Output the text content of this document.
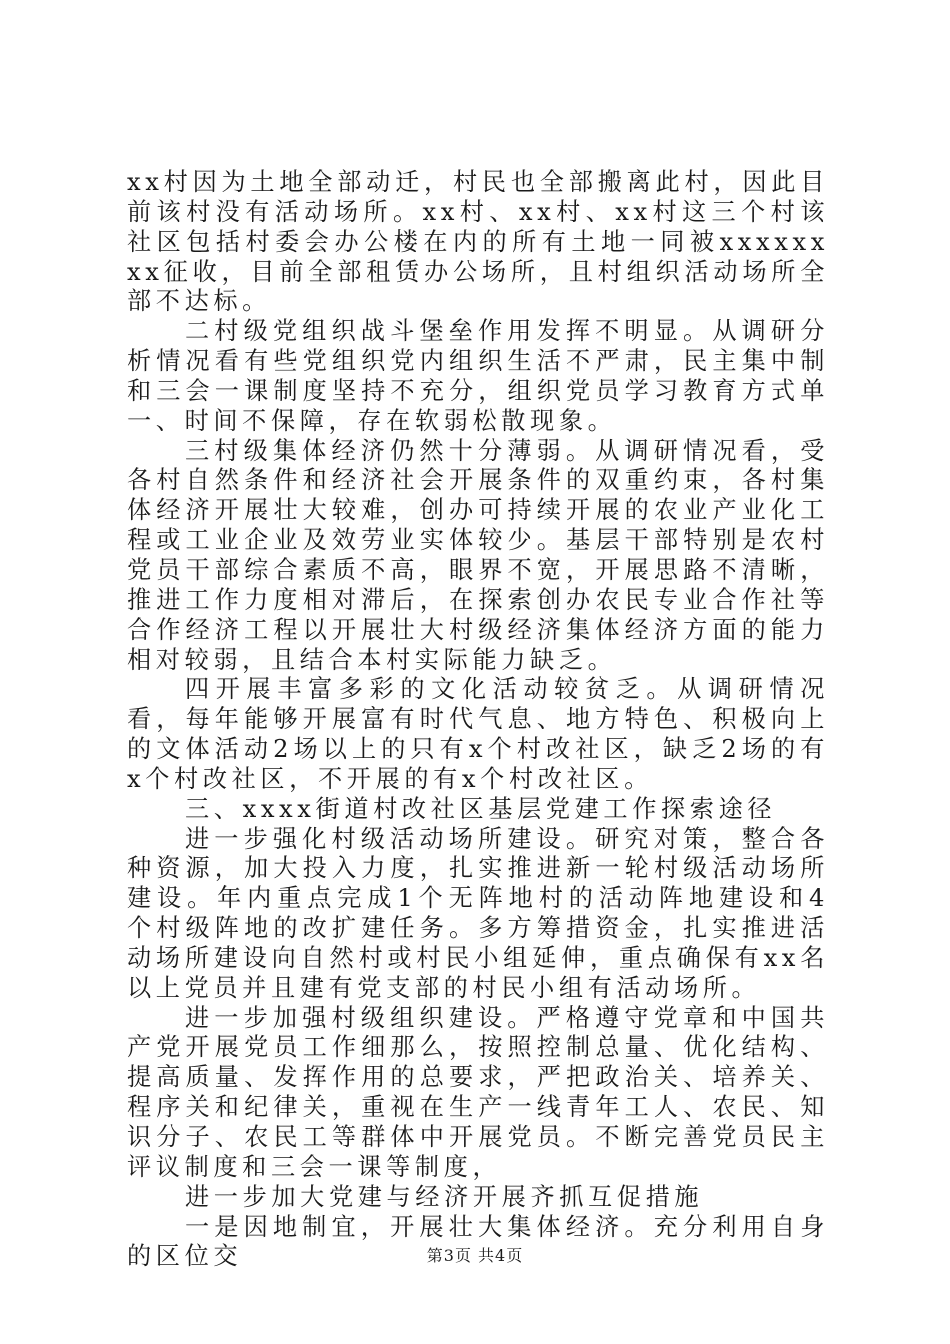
xx村因为土地全部动迁，村民也全部搬离此村，因此目前该村没有活动场所。xx村、xx村、xx村这三个村该社区包括村委会办公楼在内的所有土地一同被xxxxxxxx征收，目前全部租赁办公场所，且村组织活动场所全部不达标。

二村级党组织战斗堡垒作用发挥不明显。从调研分析情况看有些党组织党内组织生活不严肃，民主集中制和三会一课制度坚持不充分，组织党员学习教育方式单一、时间不保障，存在软弱松散现象。

三村级集体经济仍然十分薄弱。从调研情况看，受各村自然条件和经济社会开展条件的双重约束，各村集体经济开展壮大较难，创办可持续开展的农业产业化工程或工业企业及效劳业实体较少。基层干部特别是农村党员干部综合素质不高，眼界不宽，开展思路不清晰，推进工作力度相对滞后，在探索创办农民专业合作社等合作经济工程以开展壮大村级经济集体经济方面的能力相对较弱，且结合本村实际能力缺乏。

四开展丰富多彩的文化活动较贫乏。从调研情况看，每年能够开展富有时代气息、地方特色、积极向上的文体活动2场以上的只有x个村改社区，缺乏2场的有x个村改社区，不开展的有x个村改社区。

三、xxxx街道村改社区基层党建工作探索途径

进一步强化村级活动场所建设。研究对策，整合各种资源，加大投入力度，扎实推进新一轮村级活动场所建设。年内重点完成1个无阵地村的活动阵地建设和4个村级阵地的改扩建任务。多方筹措资金，扎实推进活动场所建设向自然村或村民小组延伸，重点确保有xx名以上党员并且建有党支部的村民小组有活动场所。

进一步加强村级组织建设。严格遵守党章和中国共产党开展党员工作细那么，按照控制总量、优化结构、提高质量、发挥作用的总要求，严把政治关、培养关、程序关和纪律关，重视在生产一线青年工人、农民、知识分子、农民工等群体中开展党员。不断完善党员民主评议制度和三会一课等制度，

进一步加大党建与经济开展齐抓互促措施

一是因地制宜，开展壮大集体经济。充分利用自身的区位交	第3页 共4页
